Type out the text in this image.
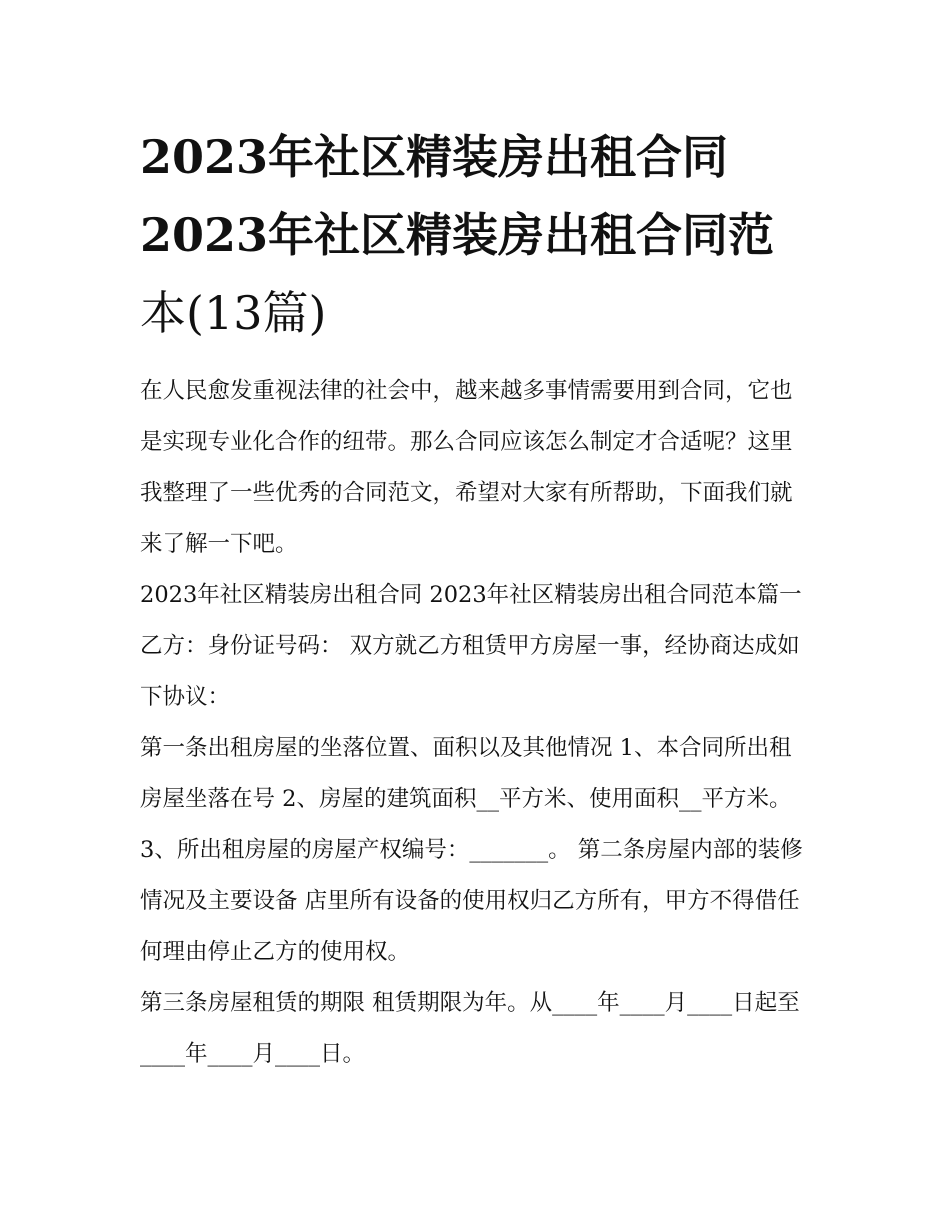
2023年社区精装房出租合同
2023年社区精装房出租合同范
本(13篇)

在人民愈发重视法律的社会中，越来越多事情需要用到合同，它也是实现专业化合作的纽带。那么合同应该怎么制定才合适呢？这里我整理了一些优秀的合同范文，希望对大家有所帮助，下面我们就来了解一下吧。

2023年社区精装房出租合同 2023年社区精装房出租合同范本篇一 乙方：身份证号码： 双方就乙方租赁甲方房屋一事，经协商达成如下协议：

第一条出租房屋的坐落位置、面积以及其他情况 1、本合同所出租房屋坐落在号 2、房屋的建筑面积__平方米、使用面积__平方米。

3、所出租房屋的房屋产权编号：_______。 第二条房屋内部的装修情况及主要设备 店里所有设备的使用权归乙方所有，甲方不得借任何理由停止乙方的使用权。

第三条房屋租赁的期限 租赁期限为年。从____年____月____日起至____年____月____日。
